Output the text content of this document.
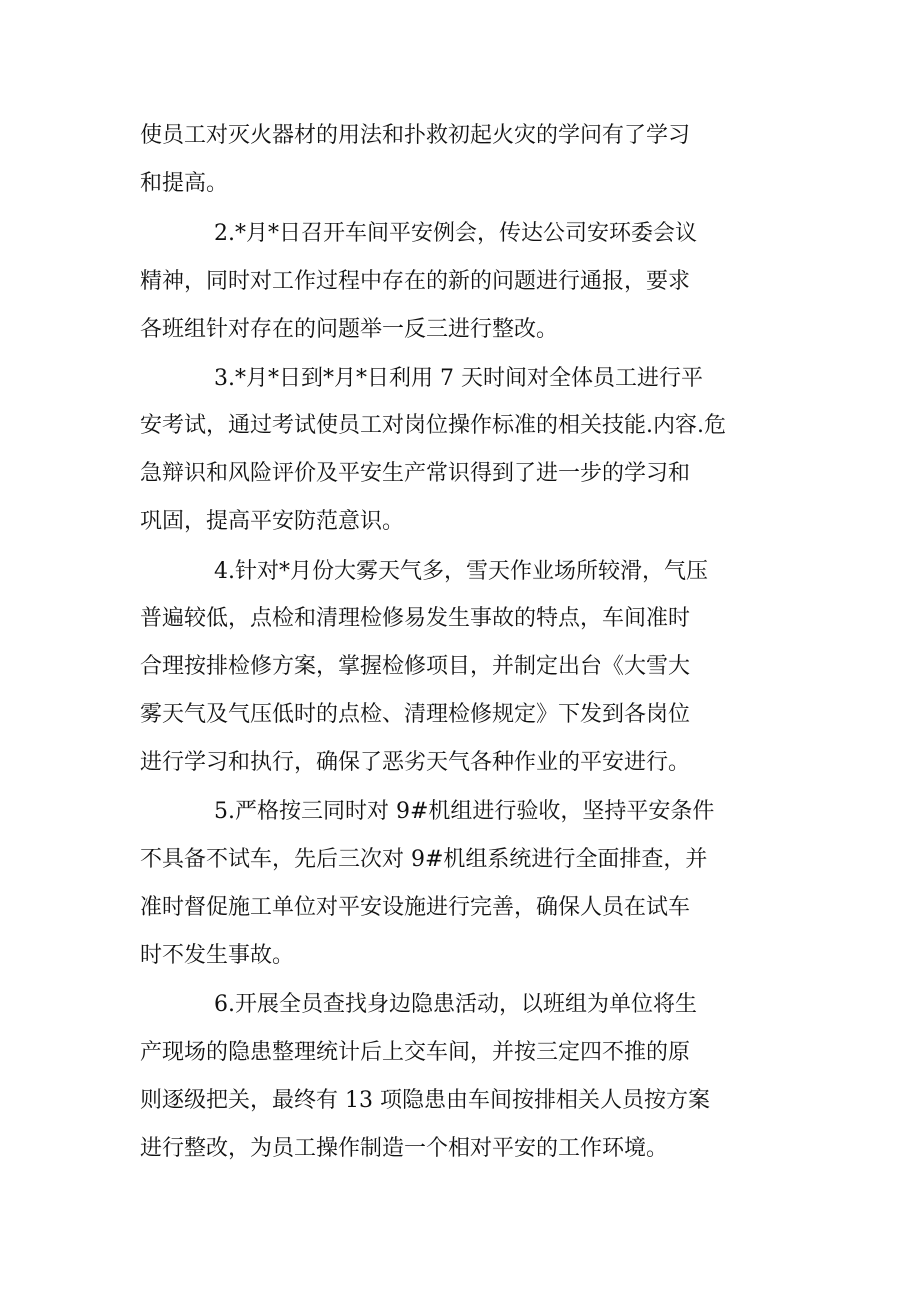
使员工对灭火器材的用法和扑救初起火灾的学问有了学习
和提高。
2.*月*日召开车间平安例会，传达公司安环委会议
精神，同时对工作过程中存在的新的问题进行通报，要求
各班组针对存在的问题举一反三进行整改。
3.*月*日到*月*日利用 7 天时间对全体员工进行平
安考试，通过考试使员工对岗位操作标准的相关技能.内容.危
急辩识和风险评价及平安生产常识得到了进一步的学习和
巩固，提高平安防范意识。
4.针对*月份大雾天气多，雪天作业场所较滑，气压
普遍较低，点检和清理检修易发生事故的特点，车间准时
合理按排检修方案，掌握检修项目，并制定出台《大雪大
雾天气及气压低时的点检、清理检修规定》下发到各岗位
进行学习和执行，确保了恶劣天气各种作业的平安进行。
5.严格按三同时对 9#机组进行验收，坚持平安条件
不具备不试车，先后三次对 9#机组系统进行全面排查，并
准时督促施工单位对平安设施进行完善，确保人员在试车
时不发生事故。
6.开展全员查找身边隐患活动，以班组为单位将生
产现场的隐患整理统计后上交车间，并按三定四不推的原
则逐级把关，最终有 13 项隐患由车间按排相关人员按方案
进行整改，为员工操作制造一个相对平安的工作环境。
